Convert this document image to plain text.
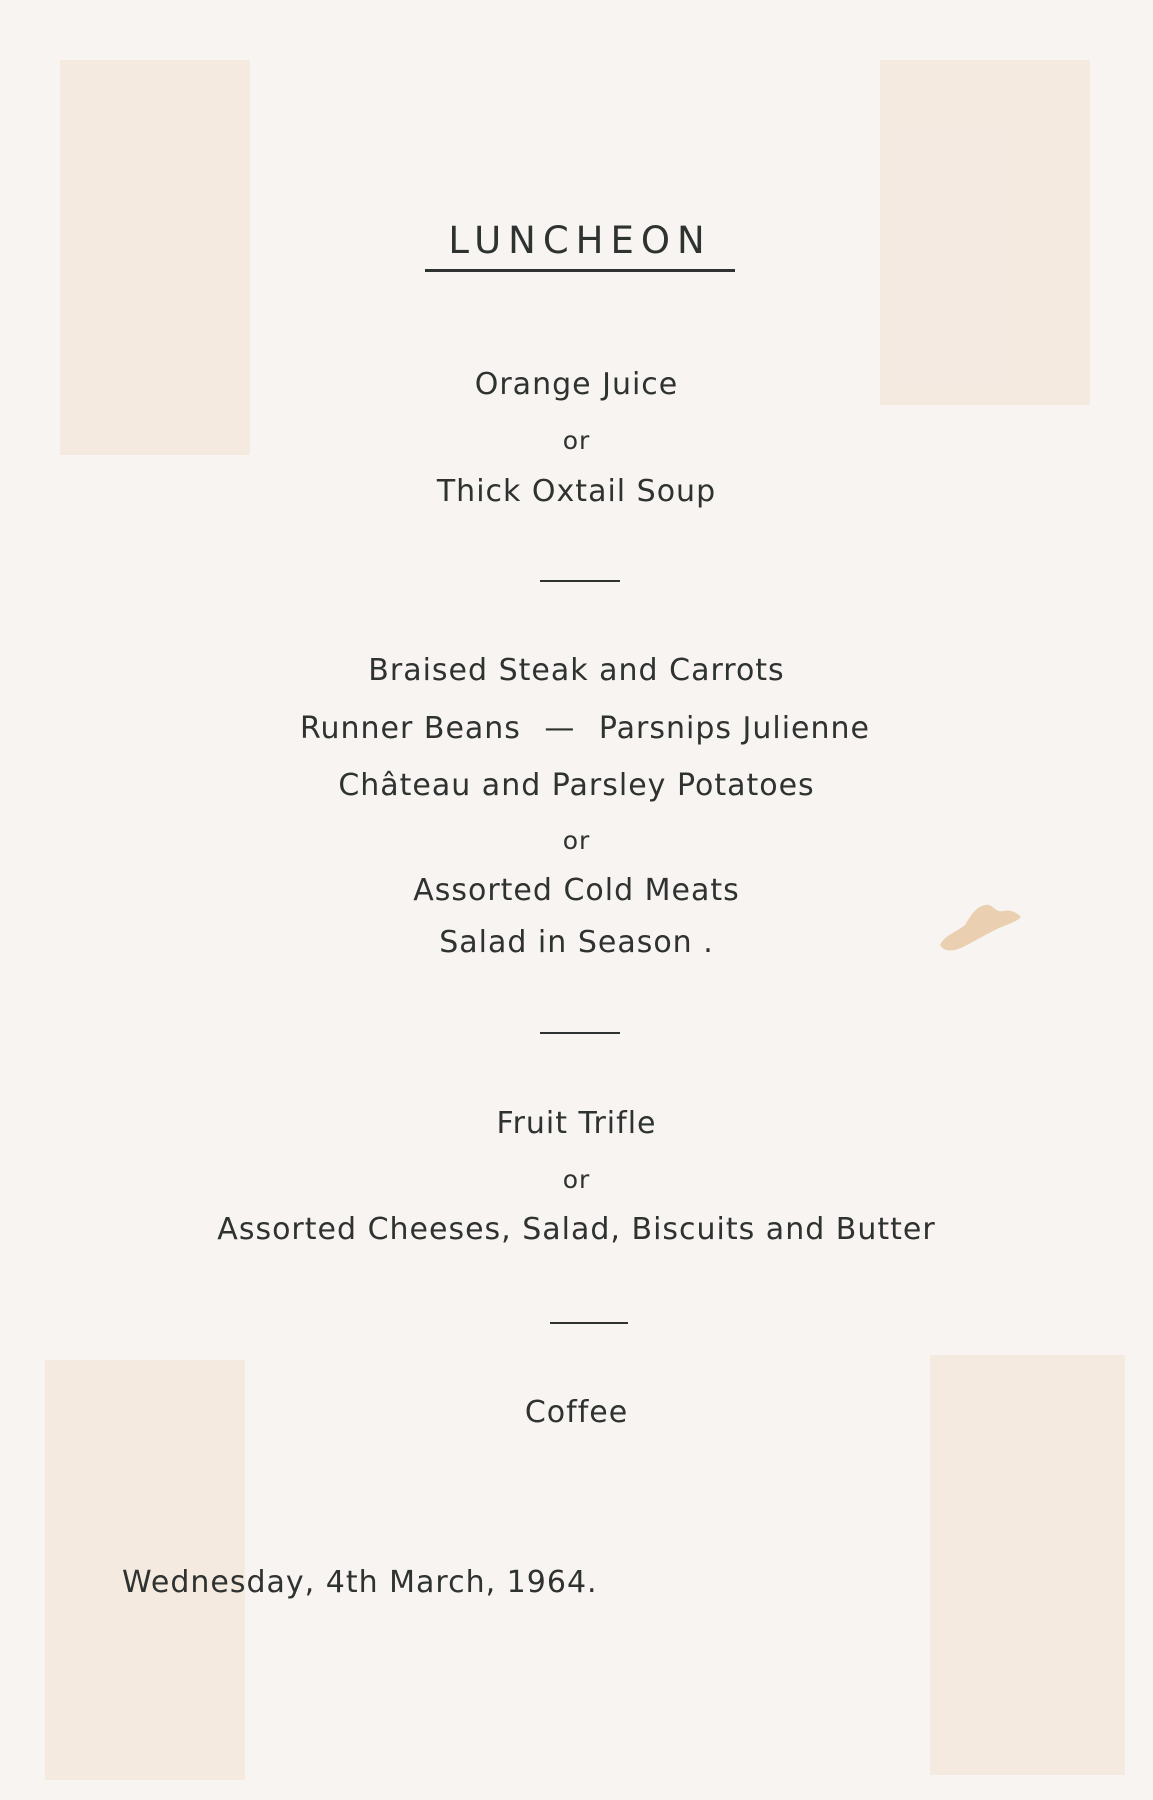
LUNCHEON
Orange Juice
or
Thick Oxtail Soup
Braised Steak and Carrots
Runner Beans — Parsnips Julienne
Château and Parsley Potatoes
or
Assorted Cold Meats
Salad in Season .
Fruit Trifle
or
Assorted Cheeses, Salad, Biscuits and Butter
Coffee
Wednesday, 4th March, 1964.
